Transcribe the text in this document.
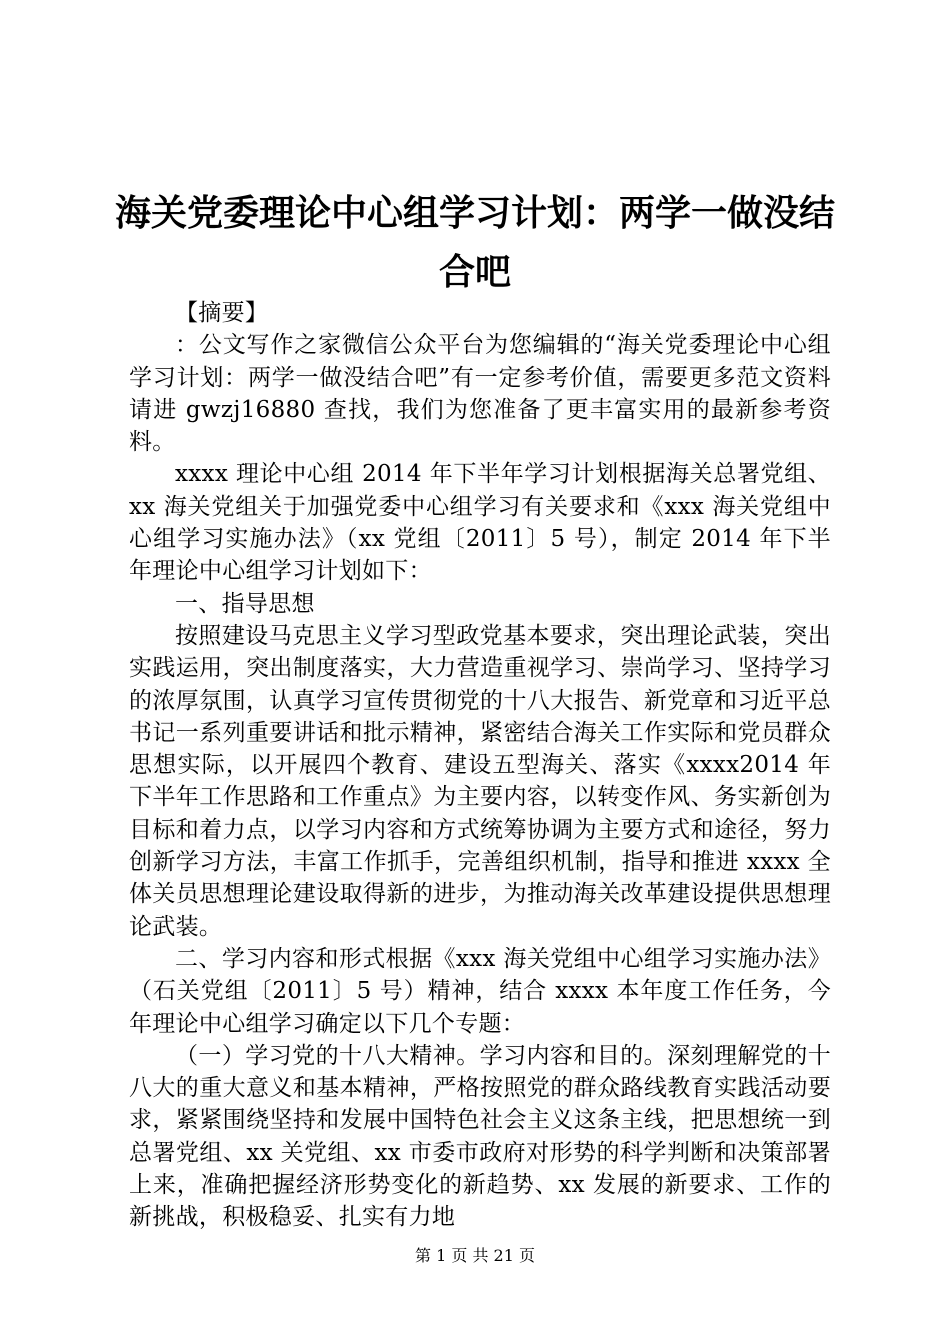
海关党委理论中心组学习计划：两学一做没结
合吧

【摘要】

：公文写作之家微信公众平台为您编辑的“海关党委理论中心组学习计划：两学一做没结合吧”有一定参考价值，需要更多范文资料请进 gwzj16880 查找，我们为您准备了更丰富实用的最新参考资料。

xxxx 理论中心组 2014 年下半年学习计划根据海关总署党组、xx 海关党组关于加强党委中心组学习有关要求和《xxx 海关党组中心组学习实施办法》（xx 党组〔2011〕5 号），制定 2014 年下半年理论中心组学习计划如下：

一、指导思想

按照建设马克思主义学习型政党基本要求，突出理论武装，突出实践运用，突出制度落实，大力营造重视学习、崇尚学习、坚持学习的浓厚氛围，认真学习宣传贯彻党的十八大报告、新党章和习近平总书记一系列重要讲话和批示精神，紧密结合海关工作实际和党员群众思想实际，以开展四个教育、建设五型海关、落实《xxxx2014 年下半年工作思路和工作重点》为主要内容，以转变作风、务实新创为目标和着力点，以学习内容和方式统筹协调为主要方式和途径，努力创新学习方法，丰富工作抓手，完善组织机制，指导和推进 xxxx 全体关员思想理论建设取得新的进步，为推动海关改革建设提供思想理论武装。

二、学习内容和形式根据《xxx 海关党组中心组学习实施办法》（石关党组〔2011〕5 号）精神，结合 xxxx 本年度工作任务，今年理论中心组学习确定以下几个专题：

（一）学习党的十八大精神。学习内容和目的。深刻理解党的十八大的重大意义和基本精神，严格按照党的群众路线教育实践活动要求，紧紧围绕坚持和发展中国特色社会主义这条主线，把思想统一到总署党组、xx 关党组、xx 市委市政府对形势的科学判断和决策部署上来，准确把握经济形势变化的新趋势、xx 发展的新要求、工作的新挑战，积极稳妥、扎实有力地

第 1 页 共 21 页
